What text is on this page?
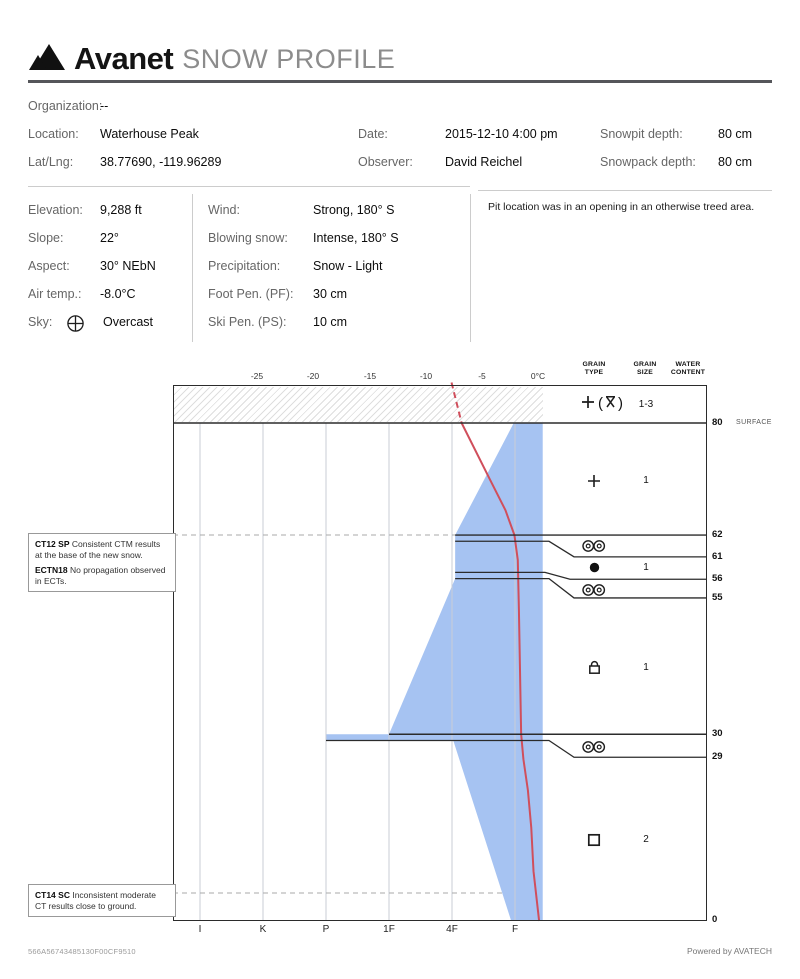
Avanet SNOW PROFILE
Organization:
--
Location: Waterhouse Peak	Date:	2015-12-10 4:00 pm	Snowpit depth:	80 cm
Lat/Lng: 38.77690, -119.96289	Observer:	David Reichel	Snowpack depth: 80 cm
Elevation: 9,288 ft
Slope:	22°
Aspect: 30° NEbN
Air temp.: -8.0°C
Sky:	Overcast
Wind:	Strong, 180° S
Blowing snow: Intense, 180° S
Precipitation:	Snow - Light
Foot Pen. (PF): 30 cm
Ski Pen. (PS): 10 cm
Pit location was in an opening in an otherwise treed area.
-25	-20	-15	-10	-5	0°C
GRAIN TYPE
GRAIN SIZE
WATER CONTENT
80 SURFACE
62
61
56
55
30
29
0
I	K	P	1F	4F	F
( )	1-3
1
1
1
2
CT12 SP Consistent CTM results at the base of the new snow.
ECTN18 No propagation observed in ECTs.
CT14 SC Inconsistent moderate CT results close to ground.
566A56743485130F00CF9510	Powered by AVATECH
